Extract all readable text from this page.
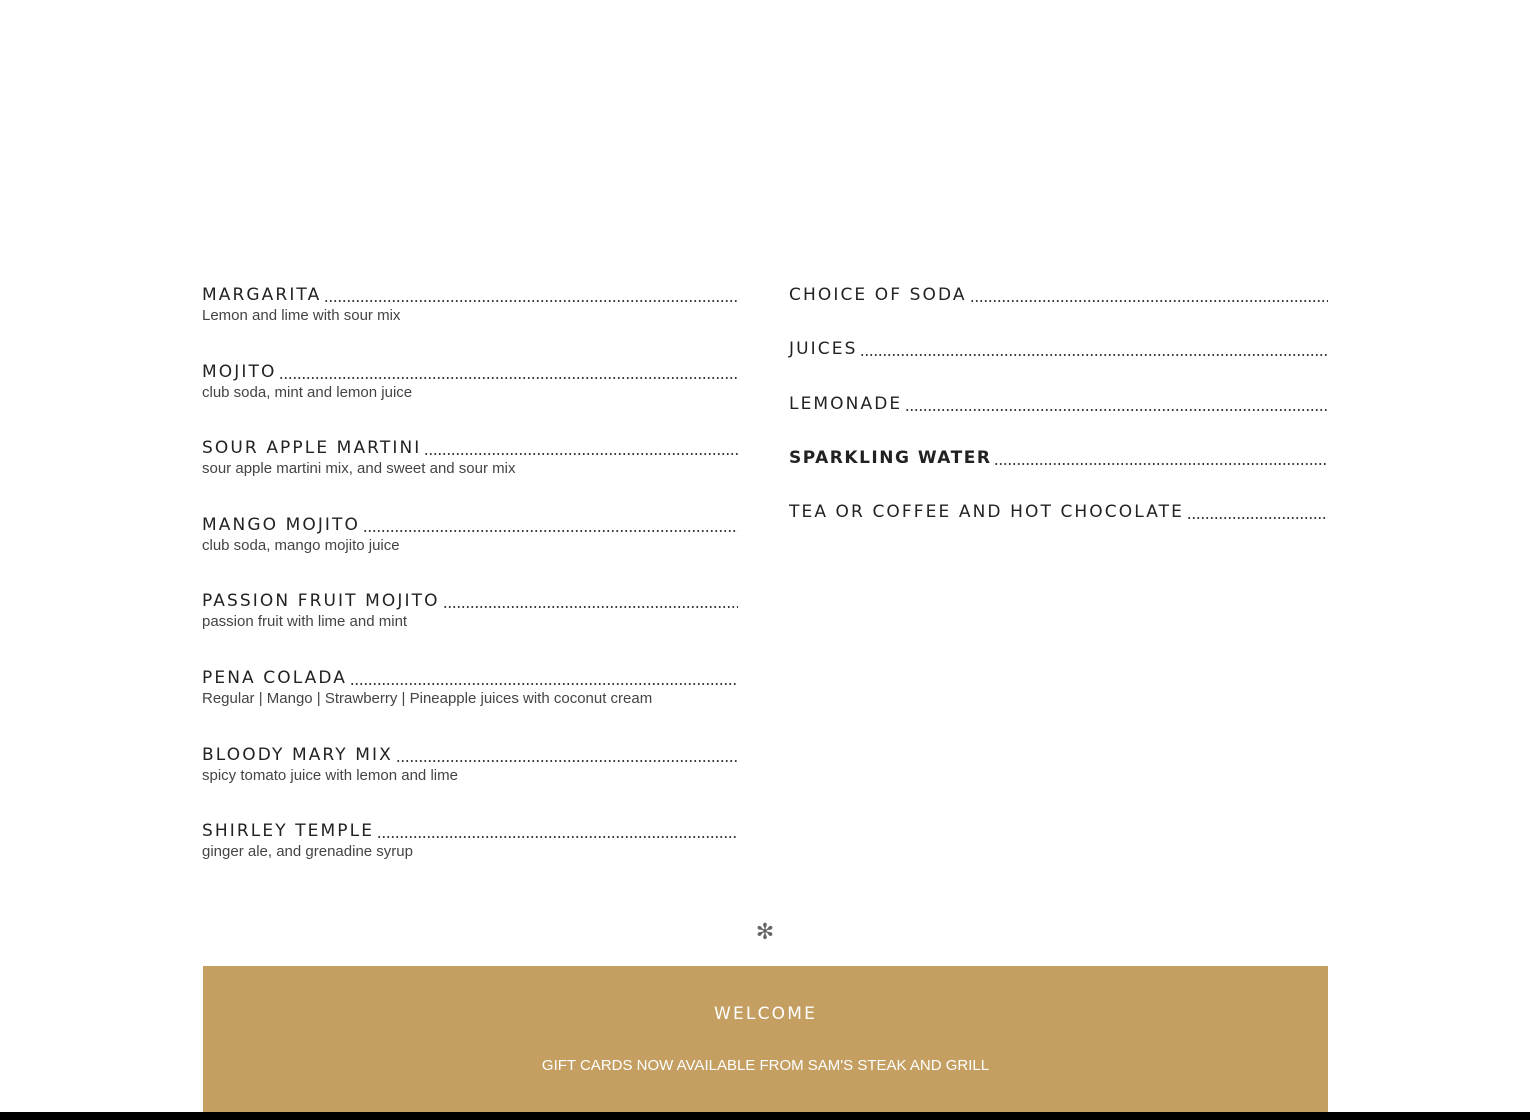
MARGARITA
Lemon and lime with sour mix
MOJITO
club soda, mint and lemon juice
SOUR APPLE MARTINI
sour apple martini mix, and sweet and sour mix
MANGO MOJITO
club soda, mango mojito juice
PASSION FRUIT MOJITO
passion fruit with lime and mint
PENA COLADA
Regular | Mango | Strawberry | Pineapple juices with coconut cream
BLOODY MARY MIX
spicy tomato juice with lemon and lime
SHIRLEY TEMPLE
ginger ale, and grenadine syrup
CHOICE OF SODA
JUICES
LEMONADE
SPARKLING WATER
TEA OR COFFEE AND HOT CHOCOLATE
✻
WELCOME
GIFT CARDS NOW AVAILABLE FROM SAM'S STEAK AND GRILL
